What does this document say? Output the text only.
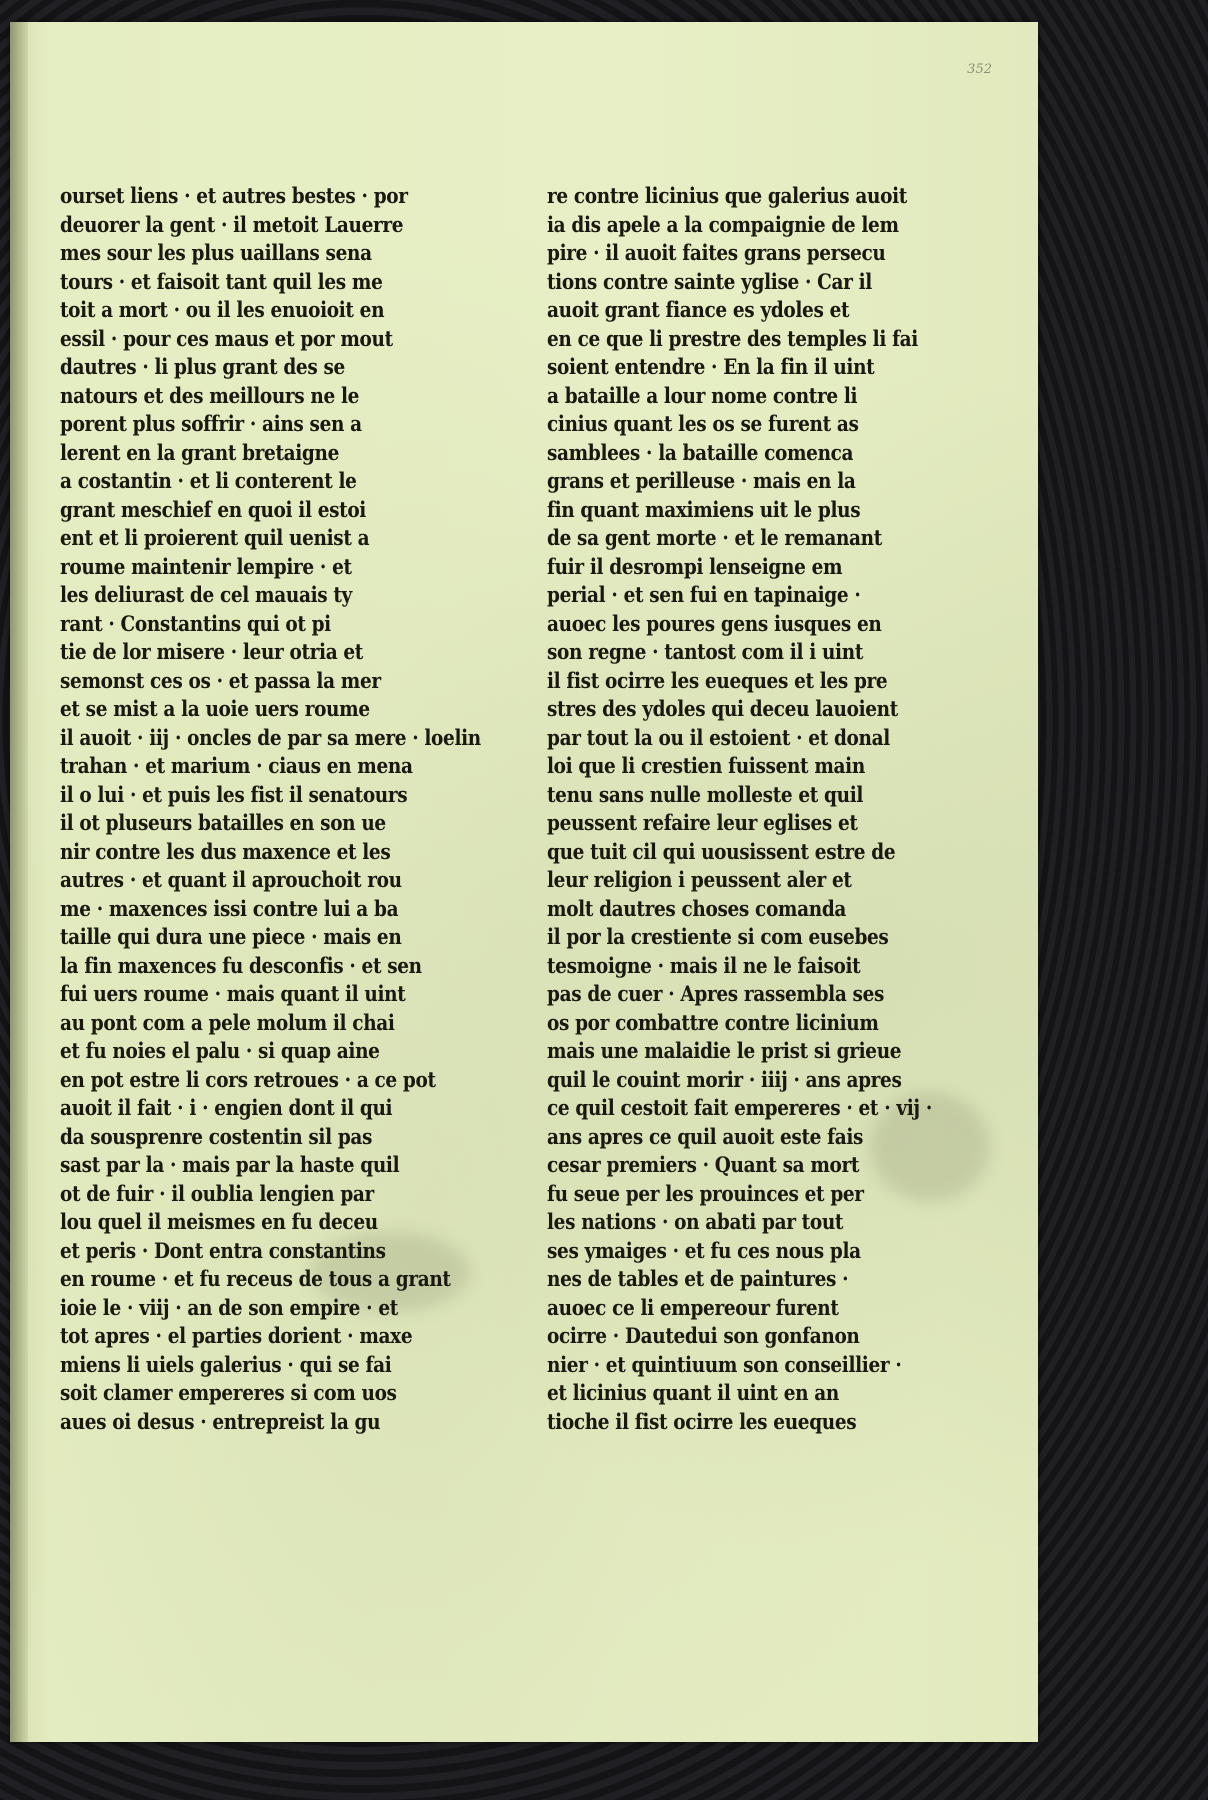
352
ourset liens · et autres bestes · por
deuorer la gent · il metoit Lauerre
mes sour les plus uaillans sena
tours · et faisoit tant quil les me
toit a mort · ou il les enuoioit en
essil · pour ces maus et por mout
dautres · li plus grant des se
natours et des meillours ne le
porent plus soffrir · ains sen a
lerent en la grant bretaigne
a costantin · et li conterent le
grant meschief en quoi il estoi
ent et li proierent quil uenist a
roume maintenir lempire · et
les deliurast de cel mauais ty
rant · Constantins qui ot pi
tie de lor misere · leur otria et
semonst ces os · et passa la mer
et se mist a la uoie uers roume
il auoit · iij · oncles de par sa mere · loelin
trahan · et marium · ciaus en mena
il o lui · et puis les fist il senatours
il ot pluseurs batailles en son ue
nir contre les dus maxence et les
autres · et quant il aprouchoit rou
me · maxences issi contre lui a ba
taille qui dura une piece · mais en
la fin maxences fu desconfis · et sen
fui uers roume · mais quant il uint
au pont com a pele molum il chai
et fu noies el palu · si quap aine
en pot estre li cors retroues · a ce pot
auoit il fait · i · engien dont il qui
da sousprenre costentin sil pas
sast par la · mais par la haste quil
ot de fuir · il oublia lengien par
lou quel il meismes en fu deceu
et peris · Dont entra constantins
en roume · et fu receus de tous a grant
ioie le · viij · an de son empire · et
tot apres · el parties dorient · maxe
miens li uiels galerius · qui se fai
soit clamer empereres si com uos
aues oi desus · entrepreist la gu
re contre licinius que galerius auoit
ia dis apele a la compaignie de lem
pire · il auoit faites grans persecu
tions contre sainte yglise · Car il
auoit grant fiance es ydoles et
en ce que li prestre des temples li fai
soient entendre · En la fin il uint
a bataille a lour nome contre li
cinius quant les os se furent as
samblees · la bataille comenca
grans et perilleuse · mais en la
fin quant maximiens uit le plus
de sa gent morte · et le remanant
fuir il desrompi lenseigne em
perial · et sen fui en tapinaige ·
auoec les poures gens iusques en
son regne · tantost com il i uint
il fist ocirre les eueques et les pre
stres des ydoles qui deceu lauoient
par tout la ou il estoient · et donal
loi que li crestien fuissent main
tenu sans nulle molleste et quil
peussent refaire leur eglises et
que tuit cil qui uousissent estre de
leur religion i peussent aler et
molt dautres choses comanda
il por la crestiente si com eusebes
tesmoigne · mais il ne le faisoit
pas de cuer · Apres rassembla ses
os por combattre contre licinium
mais une malaidie le prist si grieue
quil le couint morir · iiij · ans apres
ce quil cestoit fait empereres · et · vij ·
ans apres ce quil auoit este fais
cesar premiers · Quant sa mort
fu seue per les prouinces et per
les nations · on abati par tout
ses ymaiges · et fu ces nous pla
nes de tables et de paintures ·
auoec ce li empereour furent
ocirre · Dautedui son gonfanon
nier · et quintiuum son conseillier ·
et licinius quant il uint en an
tioche il fist ocirre les eueques
